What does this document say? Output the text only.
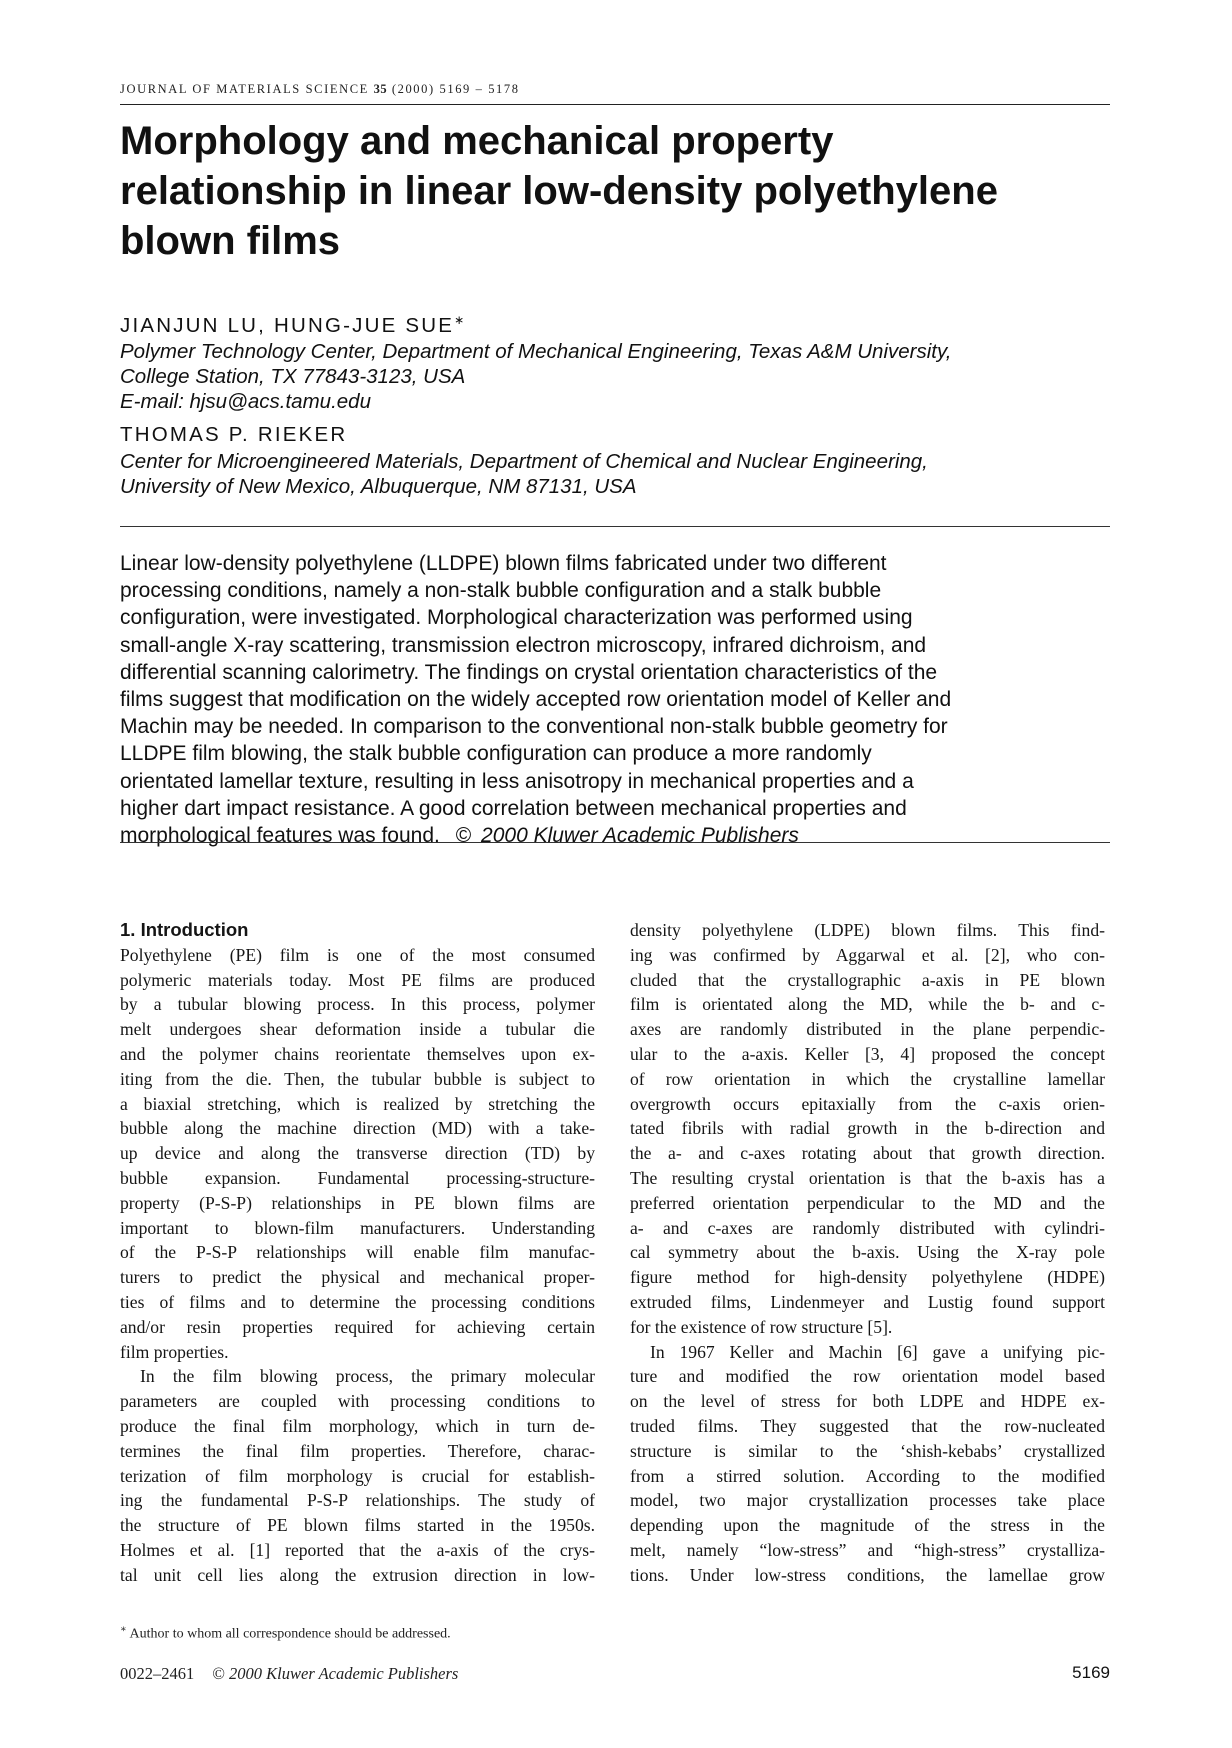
JOURNAL OF MATERIALS SCIENCE 35 (2000) 5169 – 5178
Morphology and mechanical property
relationship in linear low-density polyethylene
blown films
JIANJUN LU, HUNG-JUE SUE∗
Polymer Technology Center, Department of Mechanical Engineering, Texas A&M University,
College Station, TX 77843-3123, USA
E-mail: hjsu@acs.tamu.edu
THOMAS P. RIEKER
Center for Microengineered Materials, Department of Chemical and Nuclear Engineering,
University of New Mexico, Albuquerque, NM 87131, USA
Linear low-density polyethylene (LLDPE) blown films fabricated under two different
processing conditions, namely a non-stalk bubble configuration and a stalk bubble
configuration, were investigated. Morphological characterization was performed using
small-angle X-ray scattering, transmission electron microscopy, infrared dichroism, and
differential scanning calorimetry. The findings on crystal orientation characteristics of the
films suggest that modification on the widely accepted row orientation model of Keller and
Machin may be needed. In comparison to the conventional non-stalk bubble geometry for
LLDPE film blowing, the stalk bubble configuration can produce a more randomly
orientated lamellar texture, resulting in less anisotropy in mechanical properties and a
higher dart impact resistance. A good correlation between mechanical properties and
morphological features was found. © 2000 Kluwer Academic Publishers
1. Introduction
Polyethylene (PE) film is one of the most consumed
polymeric materials today. Most PE films are produced
by a tubular blowing process. In this process, polymer
melt undergoes shear deformation inside a tubular die
and the polymer chains reorientate themselves upon ex-
iting from the die. Then, the tubular bubble is subject to
a biaxial stretching, which is realized by stretching the
bubble along the machine direction (MD) with a take-
up device and along the transverse direction (TD) by
bubble expansion. Fundamental processing-structure-
property (P-S-P) relationships in PE blown films are
important to blown-film manufacturers. Understanding
of the P-S-P relationships will enable film manufac-
turers to predict the physical and mechanical proper-
ties of films and to determine the processing conditions
and/or resin properties required for achieving certain
film properties.
In the film blowing process, the primary molecular
parameters are coupled with processing conditions to
produce the final film morphology, which in turn de-
termines the final film properties. Therefore, charac-
terization of film morphology is crucial for establish-
ing the fundamental P-S-P relationships. The study of
the structure of PE blown films started in the 1950s.
Holmes et al. [1] reported that the a-axis of the crys-
tal unit cell lies along the extrusion direction in low-
density polyethylene (LDPE) blown films. This find-
ing was confirmed by Aggarwal et al. [2], who con-
cluded that the crystallographic a-axis in PE blown
film is orientated along the MD, while the b- and c-
axes are randomly distributed in the plane perpendic-
ular to the a-axis. Keller [3, 4] proposed the concept
of row orientation in which the crystalline lamellar
overgrowth occurs epitaxially from the c-axis orien-
tated fibrils with radial growth in the b-direction and
the a- and c-axes rotating about that growth direction.
The resulting crystal orientation is that the b-axis has a
preferred orientation perpendicular to the MD and the
a- and c-axes are randomly distributed with cylindri-
cal symmetry about the b-axis. Using the X-ray pole
figure method for high-density polyethylene (HDPE)
extruded films, Lindenmeyer and Lustig found support
for the existence of row structure [5].
In 1967 Keller and Machin [6] gave a unifying pic-
ture and modified the row orientation model based
on the level of stress for both LDPE and HDPE ex-
truded films. They suggested that the row-nucleated
structure is similar to the ‘shish-kebabs’ crystallized
from a stirred solution. According to the modified
model, two major crystallization processes take place
depending upon the magnitude of the stress in the
melt, namely “low-stress” and “high-stress” crystalliza-
tions. Under low-stress conditions, the lamellae grow
∗ Author to whom all correspondence should be addressed.
0022–2461 © 2000 Kluwer Academic Publishers	5169
